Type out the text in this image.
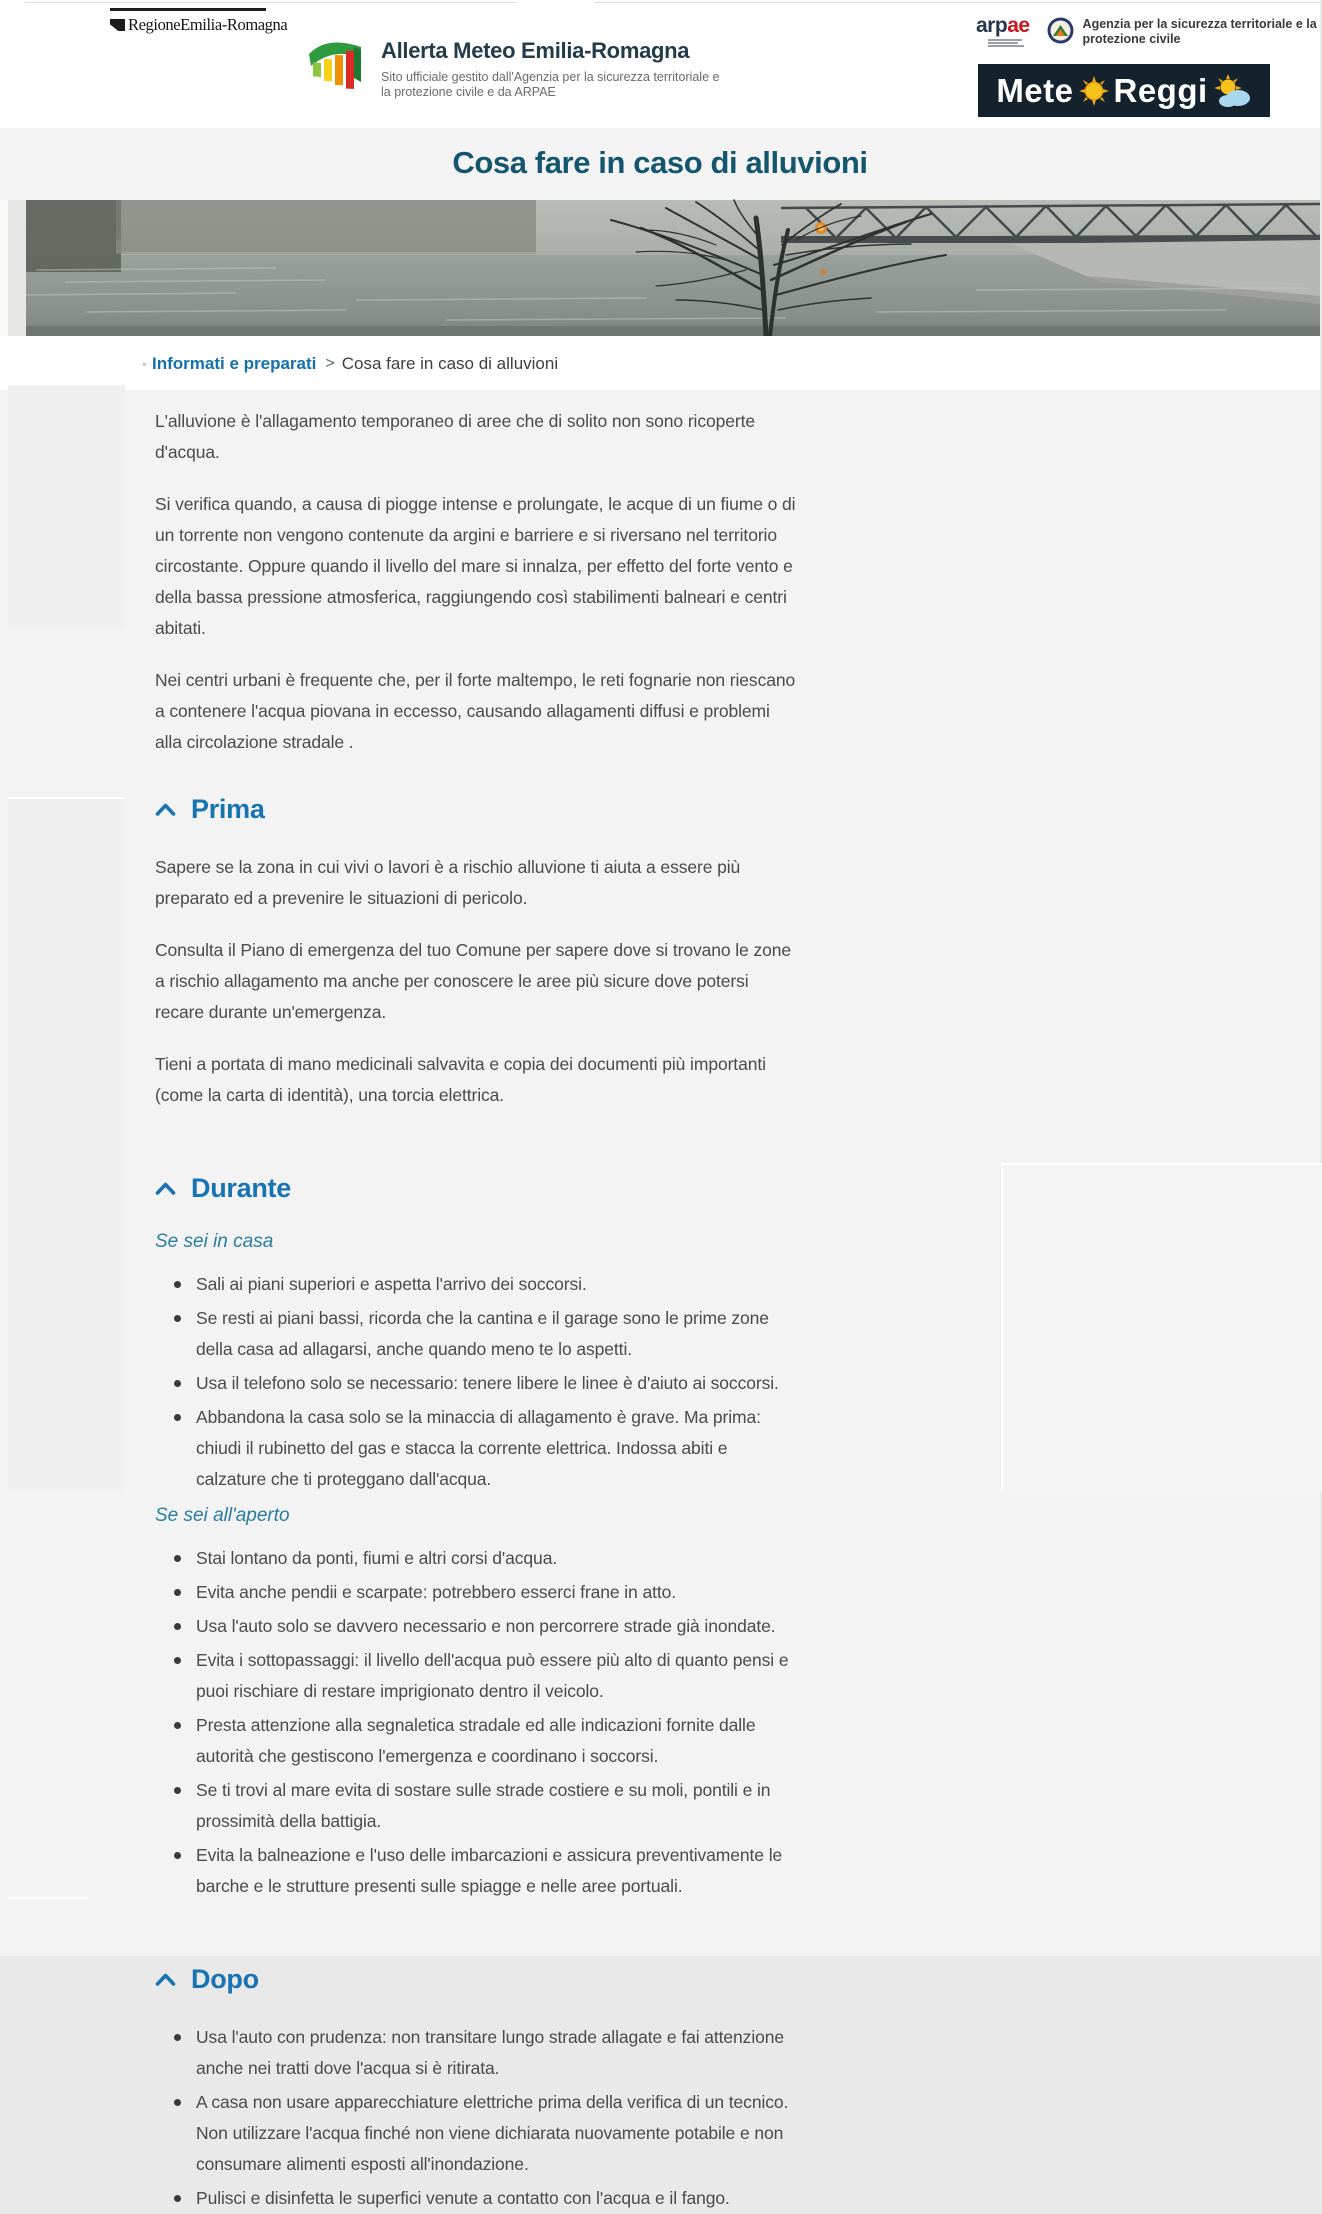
RegioneEmilia-Romagna
Allerta Meteo Emilia-Romagna
Sito ufficiale gestito dall'Agenzia per la sicurezza territoriale e
la protezione civile e da ARPAE
arpae	Agenzia per la sicurezza territoriale e la
protezione civile
Mete Reggi
Cosa fare in caso di alluvioni
Informati e preparati > Cosa fare in caso di alluvioni

L'alluvione è l'allagamento temporaneo di aree che di solito non sono ricoperte d'acqua.

Si verifica quando, a causa di piogge intense e prolungate, le acque di un fiume o di un torrente non vengono contenute da argini e barriere e si riversano nel territorio circostante. Oppure quando il livello del mare si innalza, per effetto del forte vento e della bassa pressione atmosferica, raggiungendo così stabilimenti balneari e centri abitati.

Nei centri urbani è frequente che, per il forte maltempo, le reti fognarie non riescano a contenere l'acqua piovana in eccesso, causando allagamenti diffusi e problemi alla circolazione stradale .

Prima

Sapere se la zona in cui vivi o lavori è a rischio alluvione ti aiuta a essere più preparato ed a prevenire le situazioni di pericolo.

Consulta il Piano di emergenza del tuo Comune per sapere dove si trovano le zone a rischio allagamento ma anche per conoscere le aree più sicure dove potersi recare durante un'emergenza.

Tieni a portata di mano medicinali salvavita e copia dei documenti più importanti (come la carta di identità), una torcia elettrica.

Durante
Se sei in casa
Sali ai piani superiori e aspetta l'arrivo dei soccorsi.
Se resti ai piani bassi, ricorda che la cantina e il garage sono le prime zone della casa ad allagarsi, anche quando meno te lo aspetti.
Usa il telefono solo se necessario: tenere libere le linee è d'aiuto ai soccorsi.
Abbandona la casa solo se la minaccia di allagamento è grave. Ma prima: chiudi il rubinetto del gas e stacca la corrente elettrica. Indossa abiti e calzature che ti proteggano dall'acqua.
Se sei all'aperto
Stai lontano da ponti, fiumi e altri corsi d'acqua.
Evita anche pendii e scarpate: potrebbero esserci frane in atto.
Usa l'auto solo se davvero necessario e non percorrere strade già inondate.
Evita i sottopassaggi: il livello dell'acqua può essere più alto di quanto pensi e puoi rischiare di restare imprigionato dentro il veicolo.
Presta attenzione alla segnaletica stradale ed alle indicazioni fornite dalle autorità che gestiscono l'emergenza e coordinano i soccorsi.
Se ti trovi al mare evita di sostare sulle strade costiere e su moli, pontili e in prossimità della battigia.
Evita la balneazione e l'uso delle imbarcazioni e assicura preventivamente le barche e le strutture presenti sulle spiagge e nelle aree portuali.
Dopo
Usa l'auto con prudenza: non transitare lungo strade allagate e fai attenzione anche nei tratti dove l'acqua si è ritirata.
A casa non usare apparecchiature elettriche prima della verifica di un tecnico. Non utilizzare l'acqua finché non viene dichiarata nuovamente potabile e non consumare alimenti esposti all'inondazione.
Pulisci e disinfetta le superfici venute a contatto con l'acqua e il fango.
